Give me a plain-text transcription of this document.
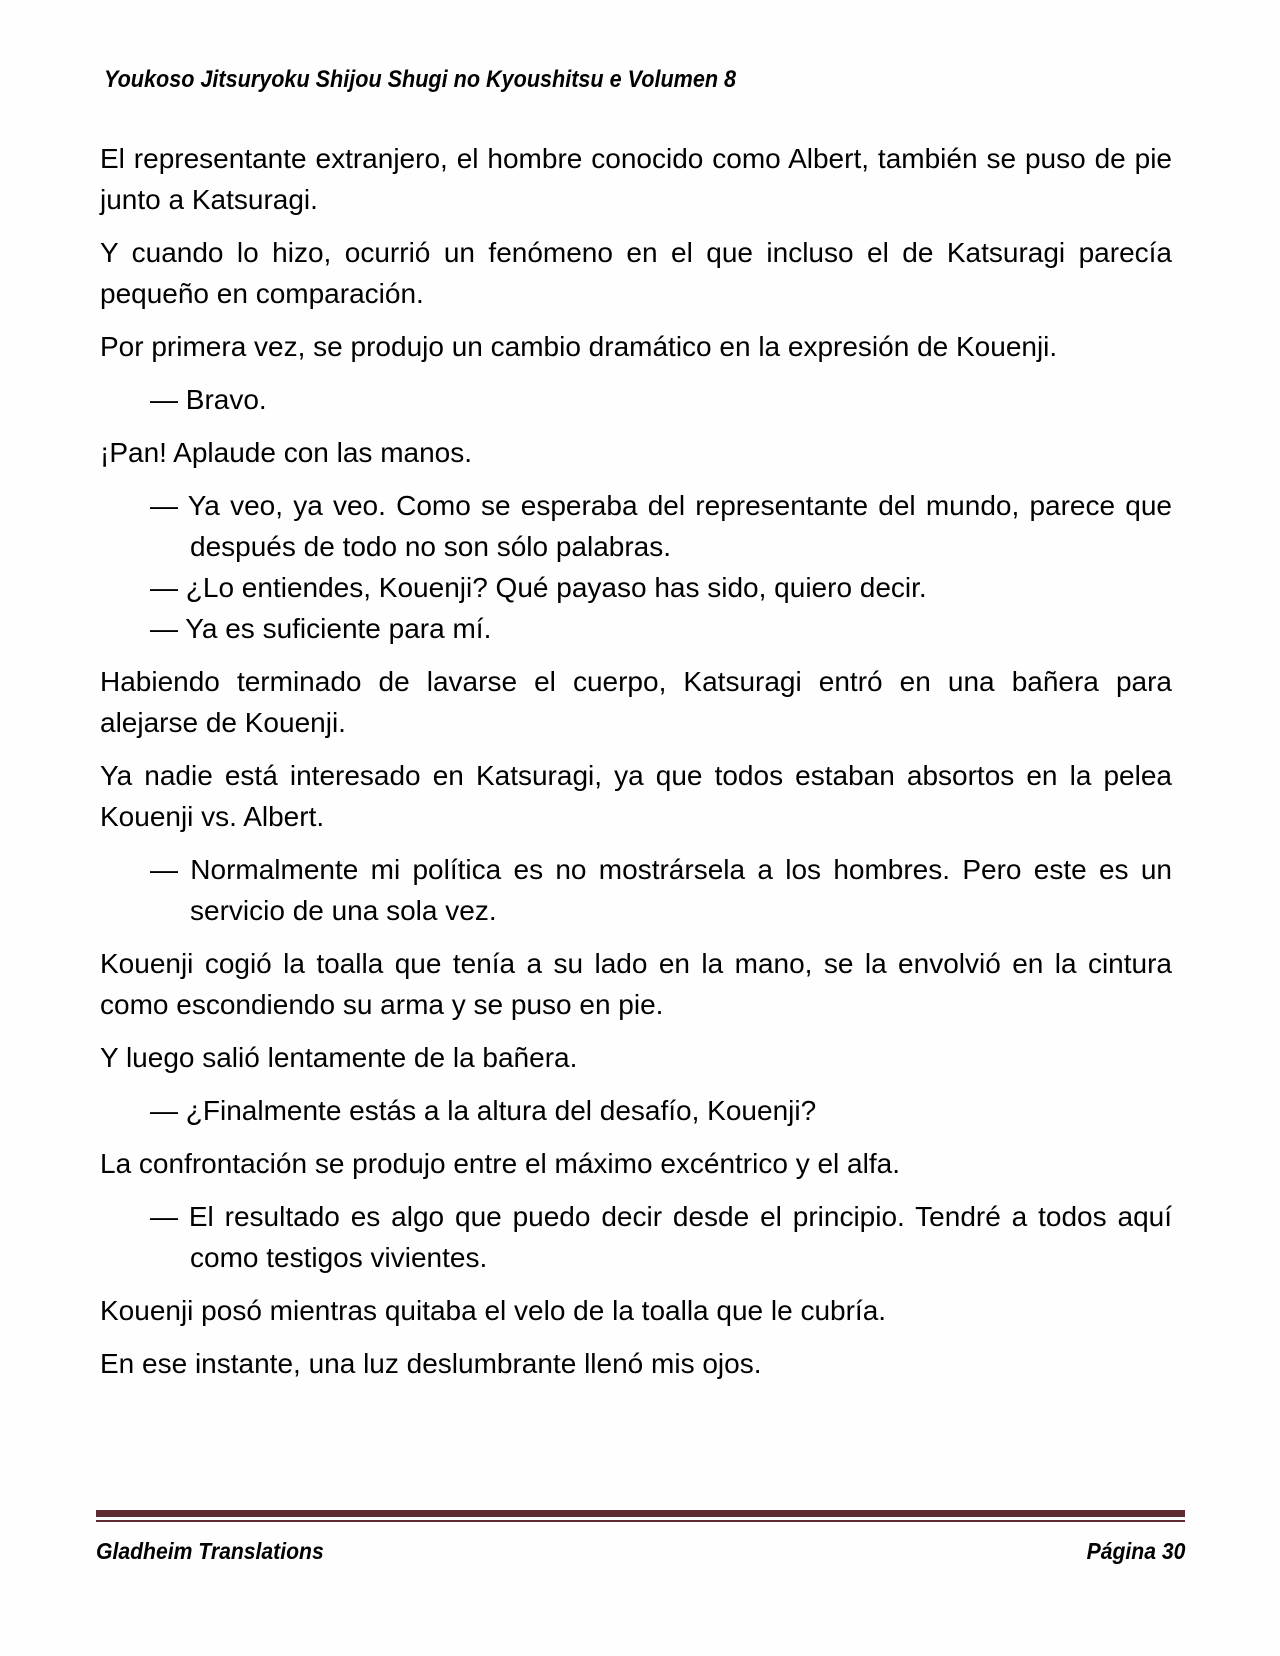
Youkoso Jitsuryoku Shijou Shugi no Kyoushitsu e Volumen 8

El representante extranjero, el hombre conocido como Albert, también se puso de pie junto a Katsuragi.

Y cuando lo hizo, ocurrió un fenómeno en el que incluso el de Katsuragi parecía pequeño en comparación.

Por primera vez, se produjo un cambio dramático en la expresión de Kouenji.

— Bravo.

¡Pan! Aplaude con las manos.

— Ya veo, ya veo. Como se esperaba del representante del mundo, parece que después de todo no son sólo palabras.

— ¿Lo entiendes, Kouenji? Qué payaso has sido, quiero decir.

— Ya es suficiente para mí.

Habiendo terminado de lavarse el cuerpo, Katsuragi entró en una bañera para alejarse de Kouenji.

Ya nadie está interesado en Katsuragi, ya que todos estaban absortos en la pelea Kouenji vs. Albert.

— Normalmente mi política es no mostrársela a los hombres. Pero este es un servicio de una sola vez.

Kouenji cogió la toalla que tenía a su lado en la mano, se la envolvió en la cintura como escondiendo su arma y se puso en pie.

Y luego salió lentamente de la bañera.

— ¿Finalmente estás a la altura del desafío, Kouenji?

La confrontación se produjo entre el máximo excéntrico y el alfa.

— El resultado es algo que puedo decir desde el principio. Tendré a todos aquí como testigos vivientes.

Kouenji posó mientras quitaba el velo de la toalla que le cubría.

En ese instante, una luz deslumbrante llenó mis ojos.

Gladheim Translations	Página 30
